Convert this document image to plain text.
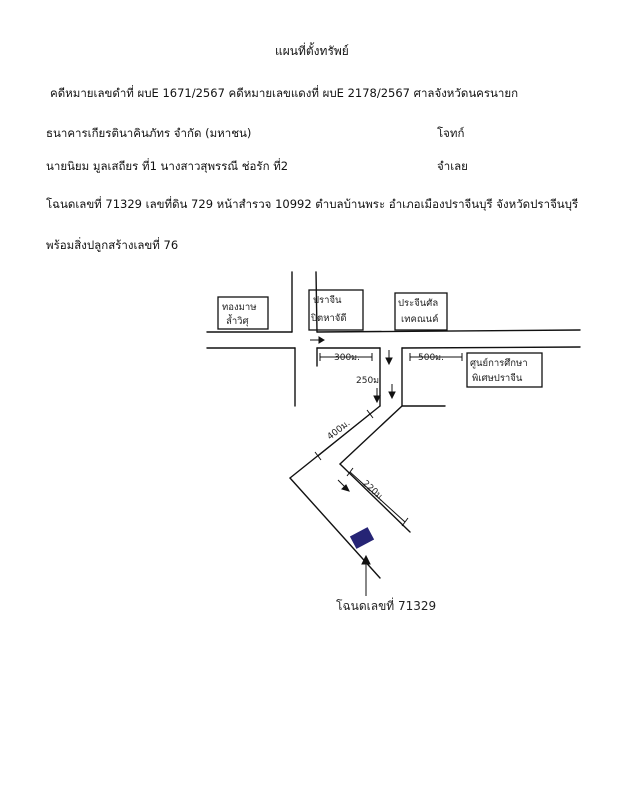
แผนที่ตั้งทรัพย์
คดีหมายเลขดำที่ ผบE 1671/2567 คดีหมายเลขแดงที่ ผบE 2178/2567 ศาลจังหวัดนครนายก
ธนาคารเกียรตินาคินภัทร จำกัด (มหาชน)	โจทก์
นายนิยม มูลเสถียร ที่1 นางสาวสุพรรณี ช่อรัก ที่2	จำเลย
โฉนดเลขที่ 71329 เลขที่ดิน 729 หน้าสำรวจ 10992 ตำบลบ้านพระ อำเภอเมืองปราจีนบุรี จังหวัดปราจีนบุรี
พร้อมสิ่งปลูกสร้างเลขที่ 76
ทองมาษ
ล้ำวิศุ
ปราจีน
ปิตหาจัดี
ประจีนศัล
เทคณนค์
ศูนย์การศึกษา
พิเศษปราจีน
300ม.	500ม.
250ม
400ม.
220ม.
โฉนดเลขที่ 71329
